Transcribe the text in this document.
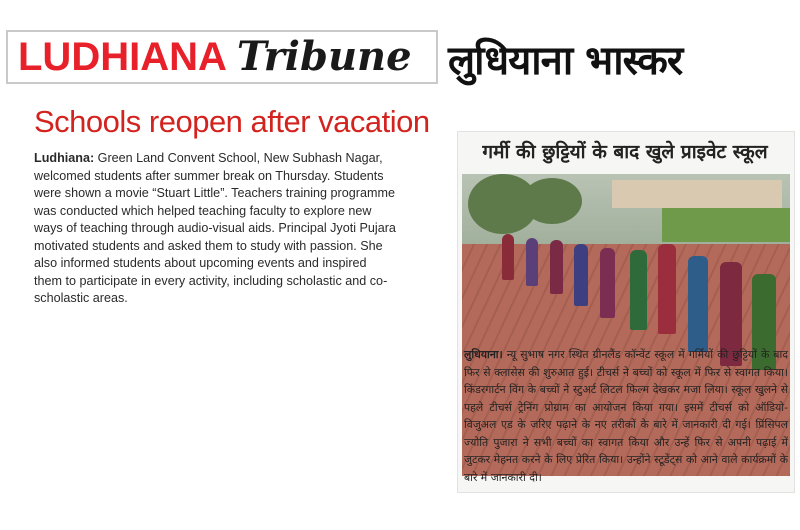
LUDHIANA Tribune
Schools reopen after vacation
Ludhiana: Green Land Convent School, New Subhash Nagar, welcomed students after summer break on Thursday. Students were shown a movie “Stuart Little”. Teachers training programme was conducted which helped teaching faculty to explore new ways of teaching through audio-visual aids. Principal Jyoti Pujara motivated students and asked them to study with passion. She also informed students about upcoming events and inspired them to participate in every activity, including scholastic and co-scholastic areas.
लुधियाना भास्कर
गर्मी की छुट्टियों के बाद खुले प्राइवेट स्कूल
लुधियाना। न्यू सुभाष नगर स्थित ग्रीनलैंड कॉन्वेंट स्कूल में गर्मियों की छुट्टियों के बाद फिर से क्लासेस की शुरुआत हुई। टीचर्स ने बच्चों को स्कूल में फिर से स्वागत किया। किंडरगार्टन विंग के बच्चों ने स्टुअर्ट लिटल फिल्म देखकर मजा लिया। स्कूल खुलने से पहले टीचर्स ट्रेनिंग प्रोग्राम का आयोजन किया गया। इसमें टीचर्स को ऑडियो-विजुअल एड के जरिए पढ़ाने के नए तरीकों के बारे में जानकारी दी गई। प्रिंसिपल ज्योति पुजारा ने सभी बच्चों का स्वागत किया और उन्हें फिर से अपनी पढ़ाई में जुटकर मेहनत करने के लिए प्रेरित किया। उन्होंने स्टूडेंट्स को आने वाले कार्यक्रमों के बारे में जानकारी दी।
